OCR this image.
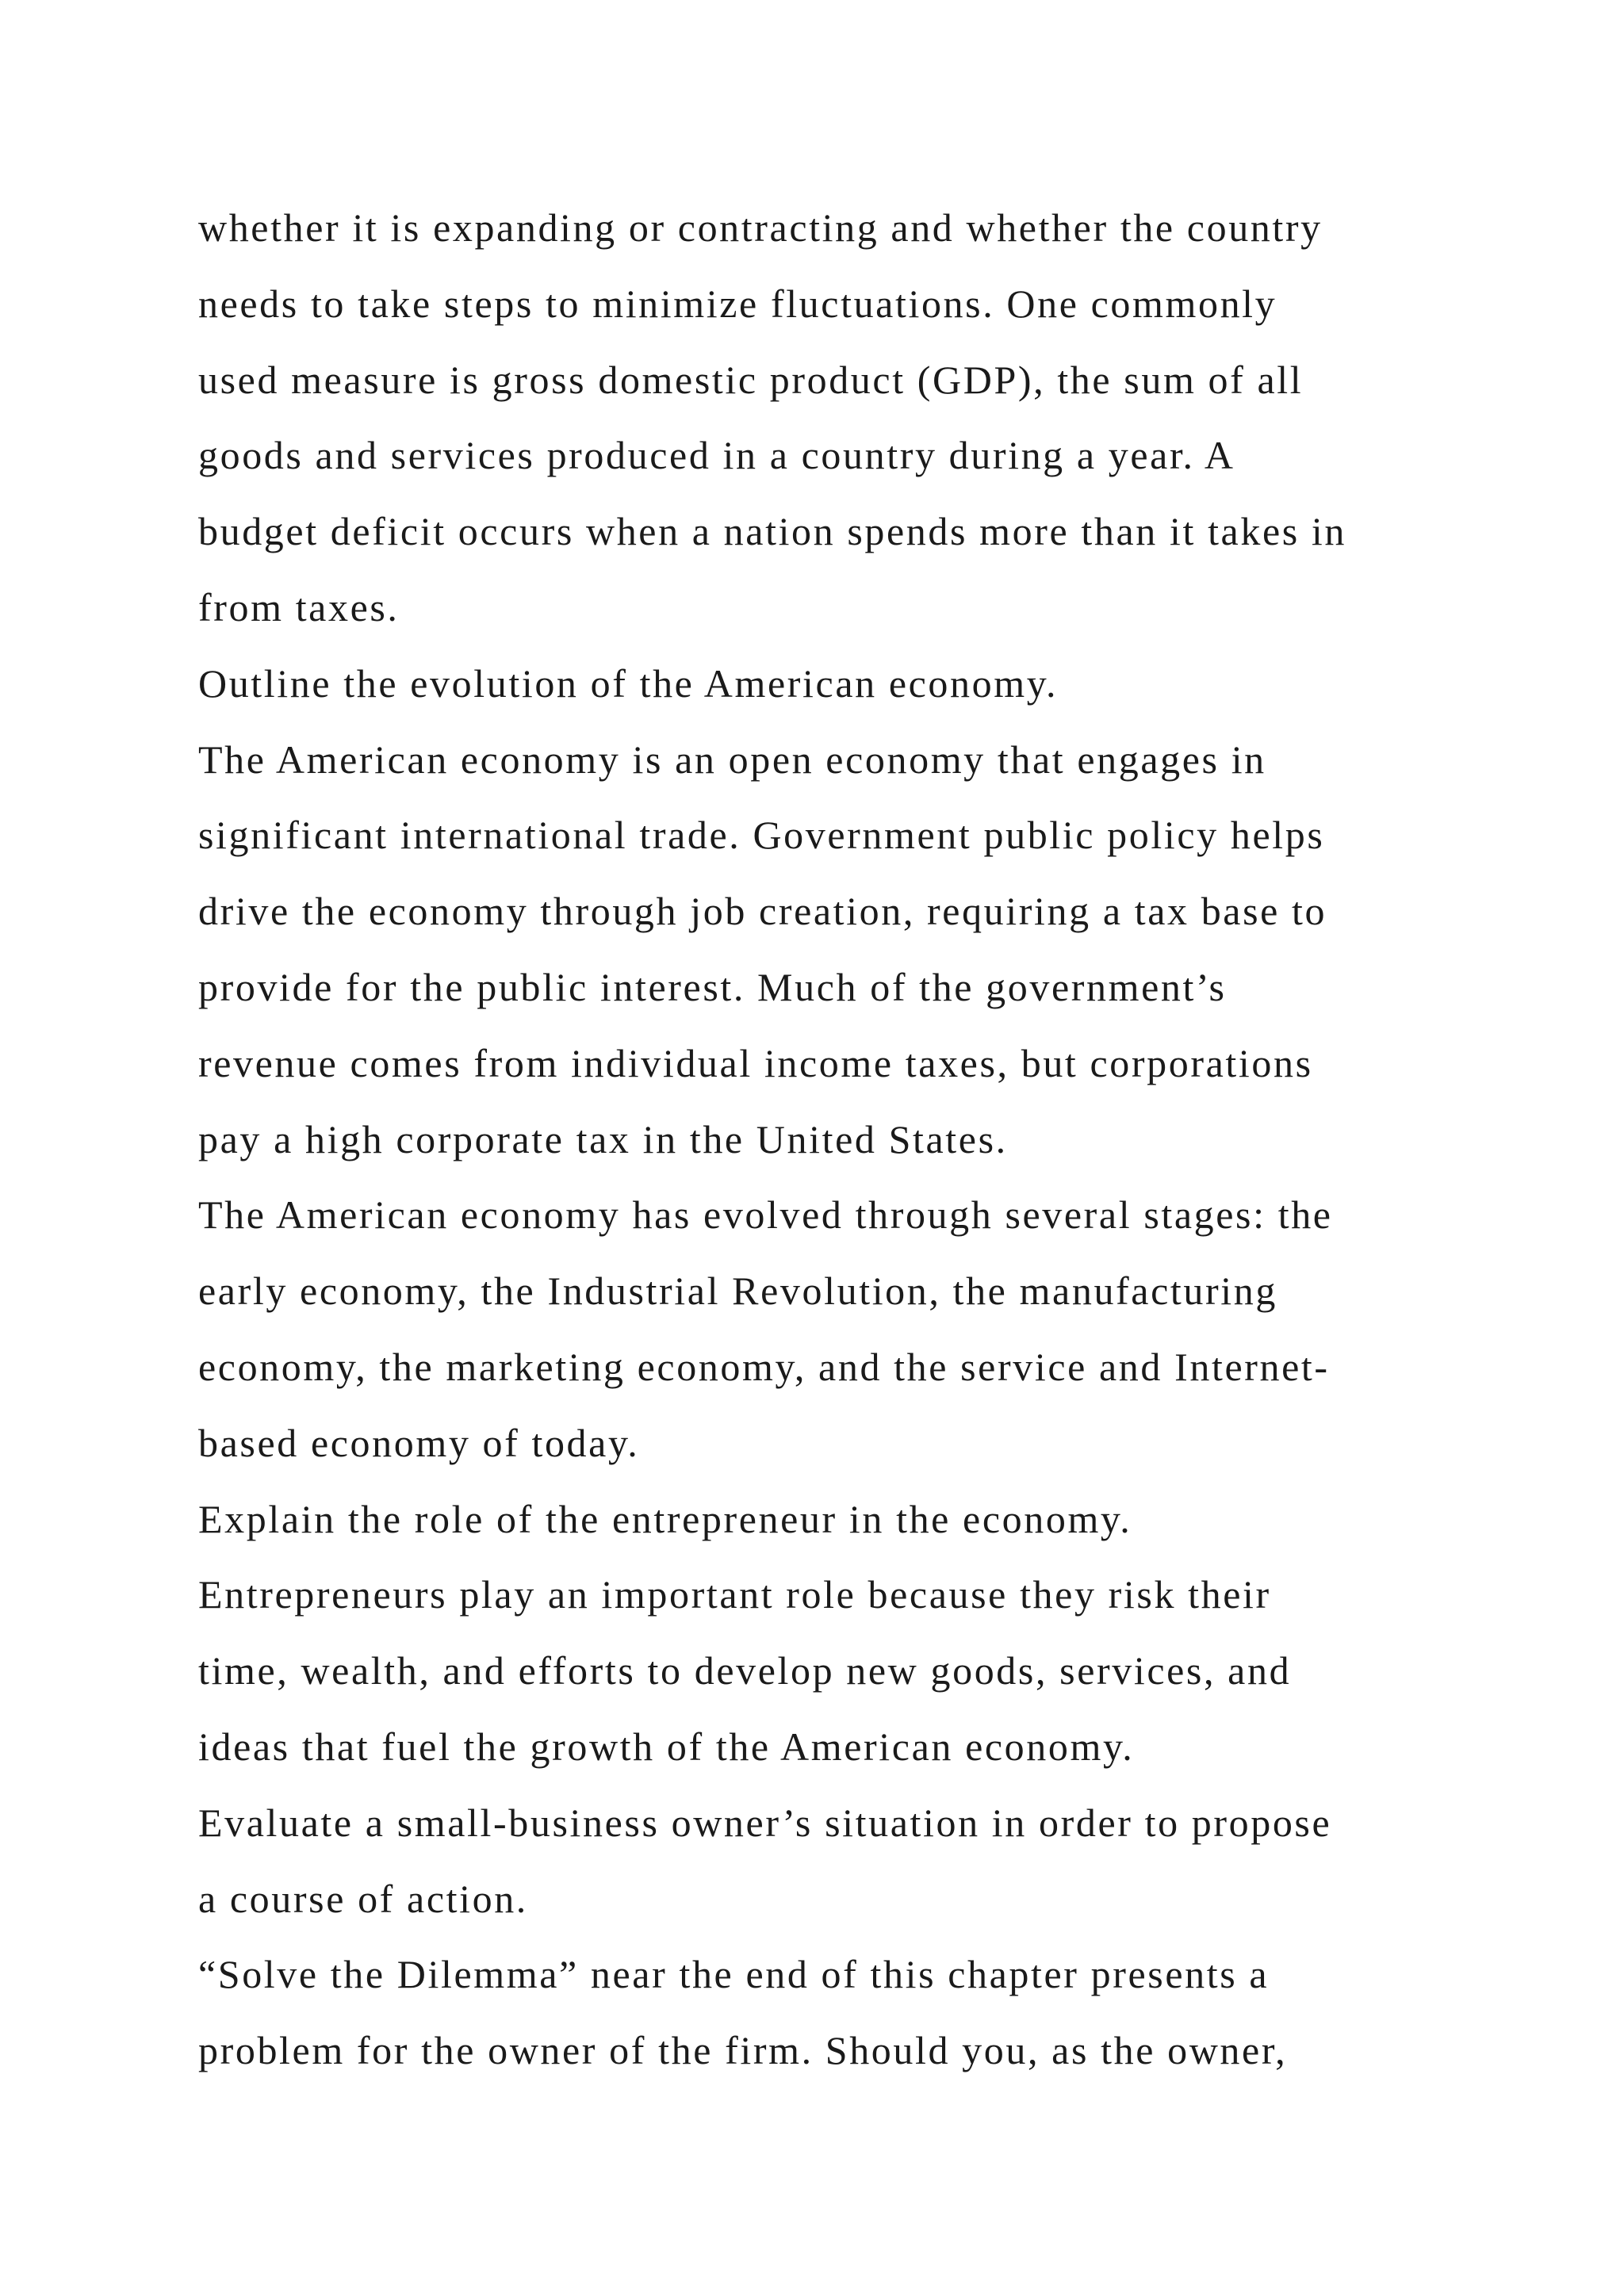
whether it is expanding or contracting and whether the country
needs to take steps to minimize fluctuations. One commonly
used measure is gross domestic product (GDP), the sum of all
goods and services produced in a country during a year. A
budget deficit occurs when a nation spends more than it takes in
from taxes.
Outline the evolution of the American economy.
The American economy is an open economy that engages in
significant international trade. Government public policy helps
drive the economy through job creation, requiring a tax base to
provide for the public interest. Much of the government’s
revenue comes from individual income taxes, but corporations
pay a high corporate tax in the United States.
The American economy has evolved through several stages: the
early economy, the Industrial Revolution, the manufacturing
economy, the marketing economy, and the service and Internet-
based economy of today.
Explain the role of the entrepreneur in the economy.
Entrepreneurs play an important role because they risk their
time, wealth, and efforts to develop new goods, services, and
ideas that fuel the growth of the American economy.
Evaluate a small-business owner’s situation in order to propose
a course of action.
“Solve the Dilemma” near the end of this chapter presents a
problem for the owner of the firm. Should you, as the owner,
